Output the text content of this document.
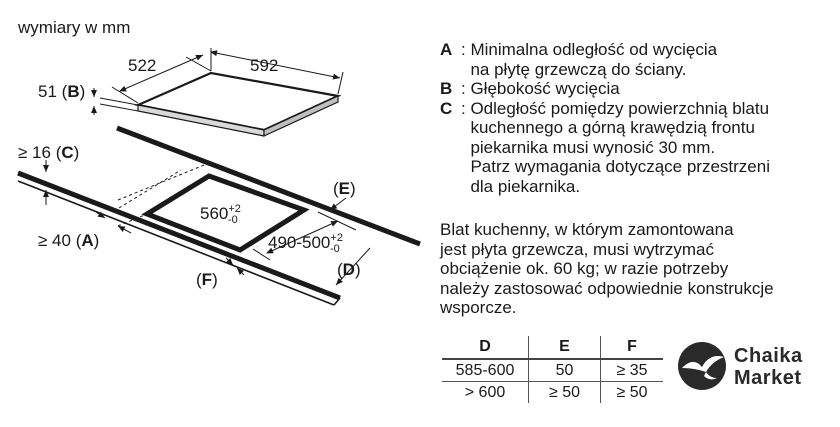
wymiary w mm
522	592
51 (B)
$560^{+2}$ -0
$490-500^{+2}$ -0
≥ 16 (C)
≥ 40 (A)
(E)
(D)
(F)
A : Minimalna odległość od wycięcia
na płytę grzewczą do ściany.
B : Głębokość wycięcia
C : Odległość pomiędzy powierzchnią blatu
kuchennego a górną krawędzią frontu
piekarnika musi wynosić 30 mm.
Patrz wymagania dotyczące przestrzeni
dla piekarnika.
Blat kuchenny, w którym zamontowana
jest płyta grzewcza, musi wytrzymać
obciążenie ok. 60 kg; w razie potrzeby
należy zastosować odpowiednie konstrukcje
wsporcze.
D	E	F
585-600	50	≥ 35
> 600	≥ 50	≥ 50
Chaika
Market
